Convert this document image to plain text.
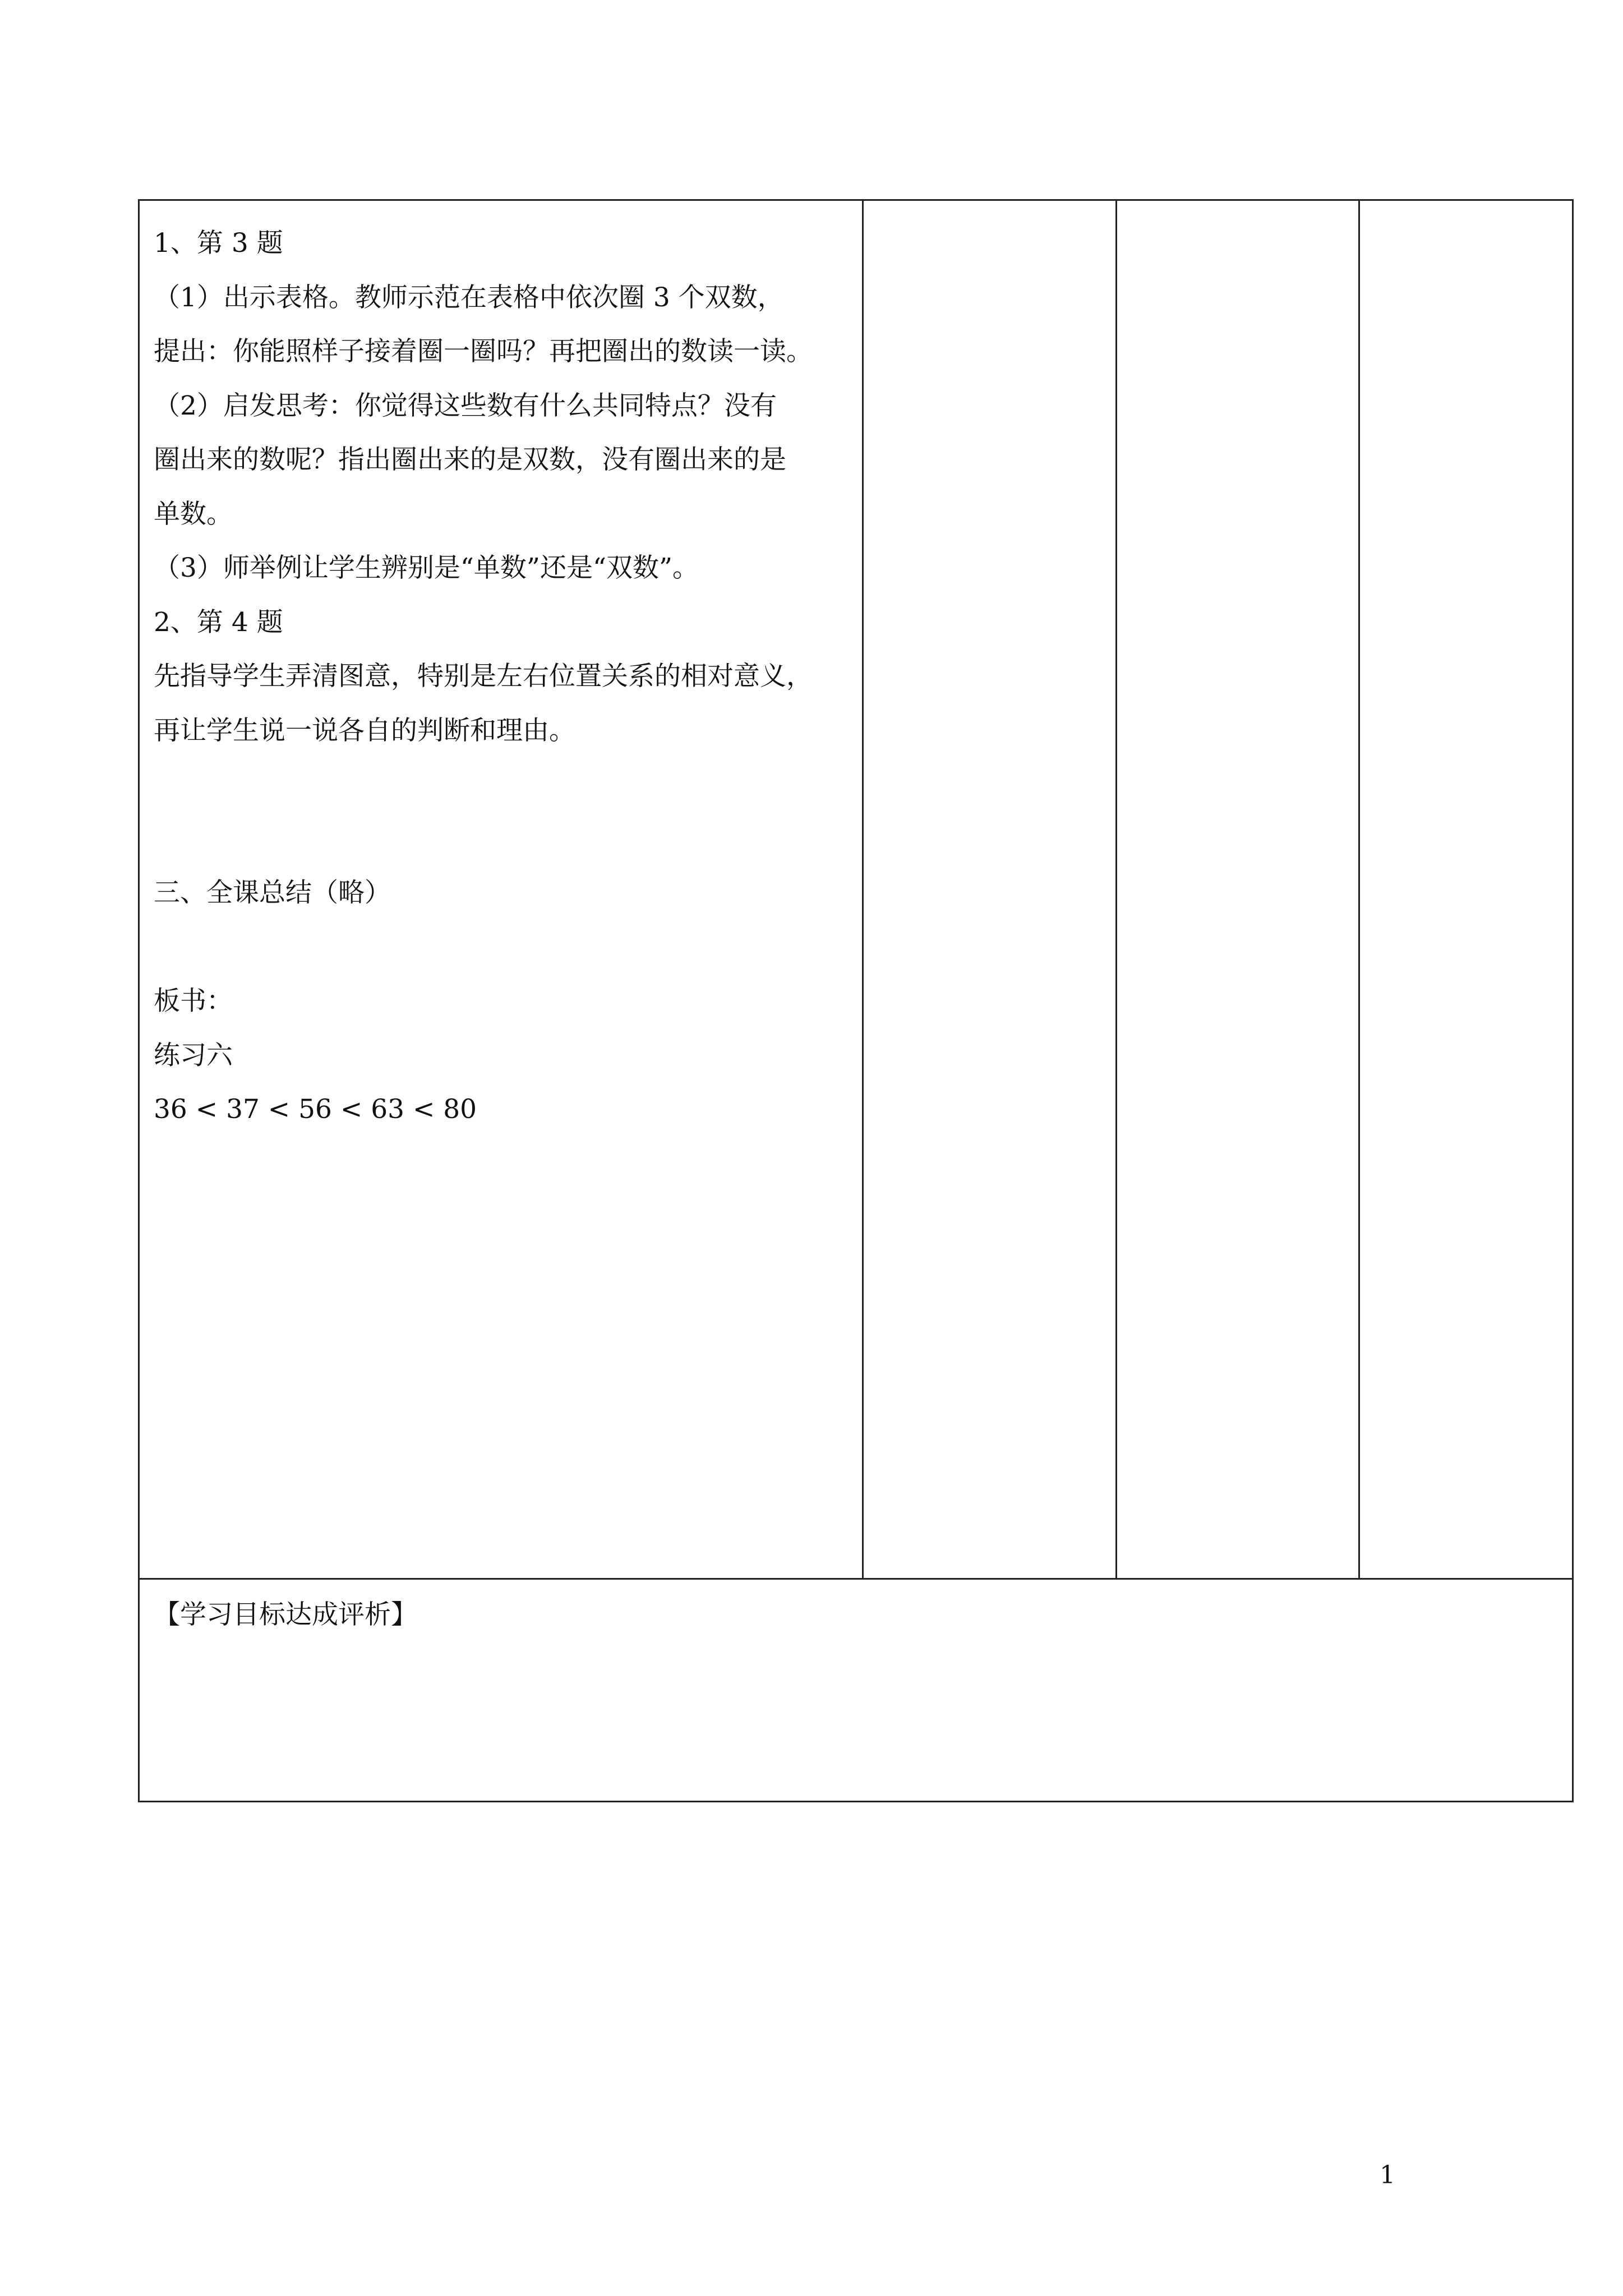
1、第 3 题
（1）出示表格。教师示范在表格中依次圈 3 个双数，
提出：你能照样子接着圈一圈吗？再把圈出的数读一读。
（2）启发思考：你觉得这些数有什么共同特点？没有
圈出来的数呢？指出圈出来的是双数，没有圈出来的是
单数。
（3）师举例让学生辨别是“单数”还是“双数”。
2、第 4 题
先指导学生弄清图意，特别是左右位置关系的相对意义，
再让学生说一说各自的判断和理由。
三、全课总结（略）
板书：
练习六
36 < 37 < 56 < 63 < 80
【学习目标达成评析】
1
